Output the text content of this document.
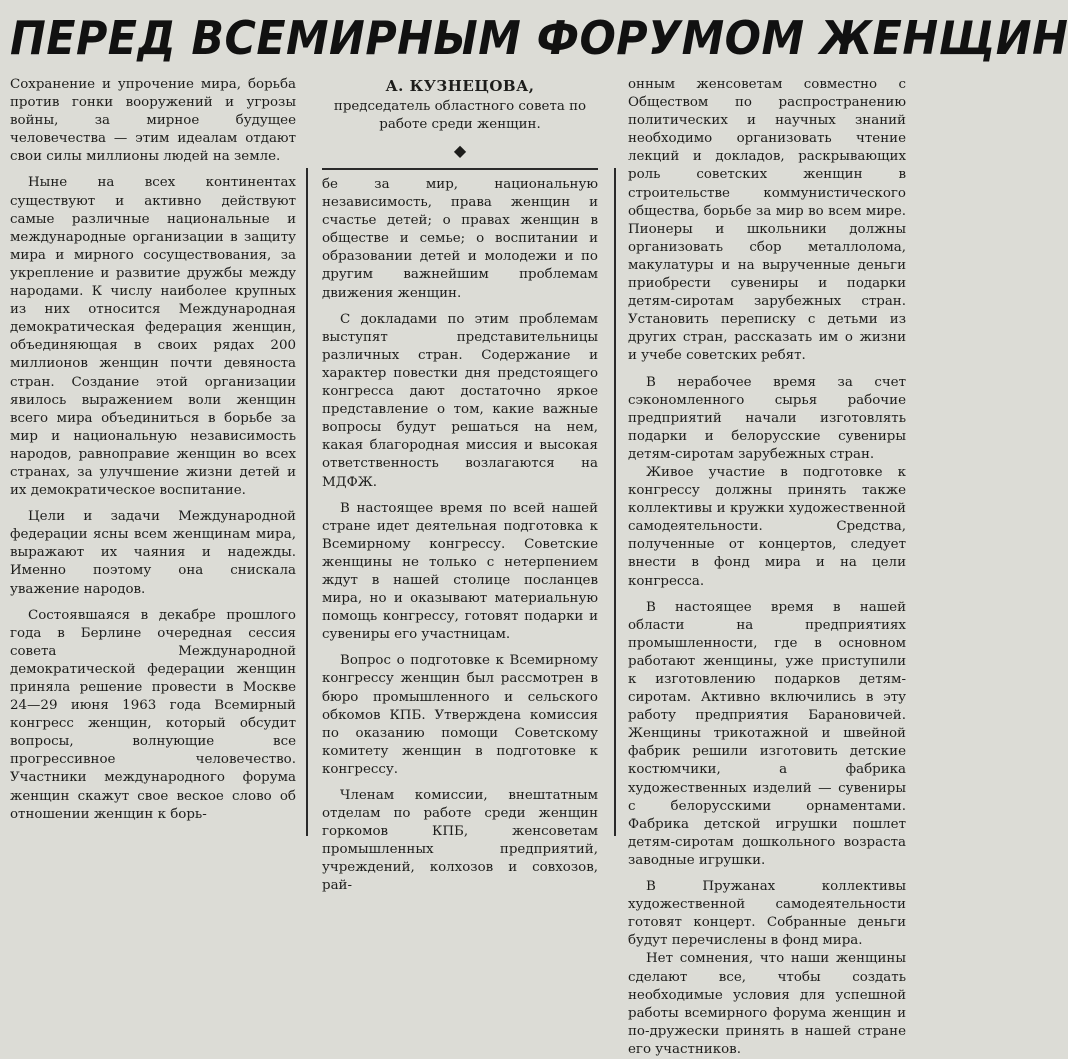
ПЕРЕД ВСЕМИРНЫМ ФОРУМОМ ЖЕНЩИН

Сохранение и упрочение мира, борьба против гонки вооружений и угрозы войны, за мирное будущее человечества — этим идеалам отдают свои силы миллионы людей на земле.

Ныне на всех континентах существуют и активно действуют самые различные национальные и международные организации в защиту мира и мирного сосуществования, за укрепление и развитие дружбы между народами. К числу наиболее крупных из них относится Международная демократическая федерация женщин, объединяющая в своих рядах 200 миллионов женщин почти девяноста стран. Создание этой организации явилось выражением воли женщин всего мира объединиться в борьбе за мир и национальную независимость народов, равноправие женщин во всех странах, за улучшение жизни детей и их демократическое воспитание.

Цели и задачи Международной федерации ясны всем женщинам мира, выражают их чаяния и надежды. Именно поэтому она снискала уважение народов.

Состоявшаяся в декабре прошлого года в Берлине очередная сессия совета Международной демократической федерации женщин приняла решение провести в Москве 24—29 июня 1963 года Всемирный конгресс женщин, который обсудит вопросы, волнующие все прогрессивное человечество. Участники международного форума женщин скажут свое веское слово об отношении женщин к борь-

А. КУЗНЕЦОВА,
председатель областного совета по работе среди женщин.
◆

бе за мир, национальную независимость, права женщин и счастье детей; о правах женщин в обществе и семье; о воспитании и образовании детей и молодежи и по другим важнейшим проблемам движения женщин.

С докладами по этим проблемам выступят представительницы различных стран. Содержание и характер повестки дня предстоящего конгресса дают достаточно яркое представление о том, какие важные вопросы будут решаться на нем, какая благородная миссия и высокая ответственность возлагаются на МДФЖ.

В настоящее время по всей нашей стране идет деятельная подготовка к Всемирному конгрессу. Советские женщины не только с нетерпением ждут в нашей столице посланцев мира, но и оказывают материальную помощь конгрессу, готовят подарки и сувениры его участницам.

Вопрос о подготовке к Всемирному конгрессу женщин был рассмотрен в бюро промышленного и сельского обкомов КПБ. Утверждена комиссия по оказанию помощи Советскому комитету женщин в подготовке к конгрессу.

Членам комиссии, внештатным отделам по работе среди женщин горкомов КПБ, женсоветам промышленных предприятий, учреждений, колхозов и совхозов, рай-

онным женсоветам совместно с Обществом по распространению политических и научных знаний необходимо организовать чтение лекций и докладов, раскрывающих роль советских женщин в строительстве коммунистического общества, борьбе за мир во всем мире. Пионеры и школьники должны организовать сбор металлолома, макулатуры и на вырученные деньги приобрести сувениры и подарки детям-сиротам зарубежных стран. Установить переписку с детьми из других стран, рассказать им о жизни и учебе советских ребят.

В нерабочее время за счет сэкономленного сырья рабочие предприятий начали изготовлять подарки и белорусские сувениры детям-сиротам зарубежных стран.

Живое участие в подготовке к конгрессу должны принять также коллективы и кружки художественной самодеятельности. Средства, полученные от концертов, следует внести в фонд мира и на цели конгресса.

В настоящее время в нашей области на предприятиях промышленности, где в основном работают женщины, уже приступили к изготовлению подарков детям-сиротам. Активно включились в эту работу предприятия Барановичей. Женщины трикотажной и швейной фабрик решили изготовить детские костюмчики, а фабрика художественных изделий — сувениры с белорусскими орнаментами. Фабрика детской игрушки пошлет детям-сиротам дошкольного возраста заводные игрушки.

В Пружанах коллективы художественной самодеятельности готовят концерт. Собранные деньги будут перечислены в фонд мира.

Нет сомнения, что наши женщины сделают все, чтобы создать необходимые условия для успешной работы всемирного форума женщин и по-дружески принять в нашей стране его участников.
